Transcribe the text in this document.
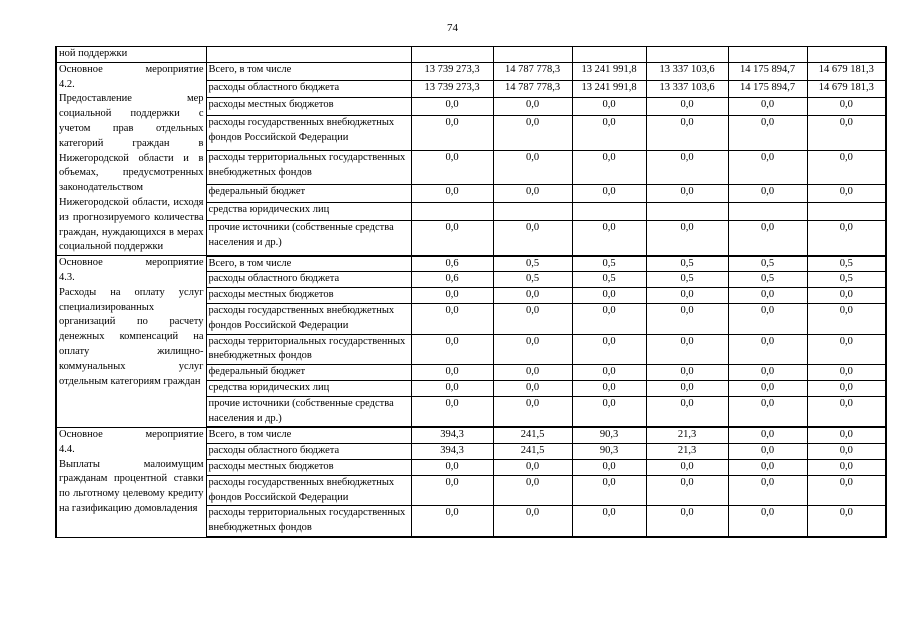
74
ной поддержки							

Основное мероприятие
4.2.
Предоставление мер социальной поддержки с учетом прав отдельных категорий граждан в Нижегородской области и в объемах, предусмотренных законодательством Нижегородской области, исходя из прогнозируемого количества граждан, нуждающихся в мерах социальной поддержки	Всего, в том числе	13 739 273,3	14 787 778,3	13 241 991,8	13 337 103,6	14 175 894,7	14 679 181,3
	расходы областного бюджета	13 739 273,3	14 787 778,3	13 241 991,8	13 337 103,6	14 175 894,7	14 679 181,3
	расходы местных бюджетов	0,0	0,0	0,0	0,0	0,0	0,0
	расходы государственных внебюджетных фондов Российской Федерации	0,0	0,0	0,0	0,0	0,0	0,0
	расходы территориальных государственных внебюджетных фондов	0,0	0,0	0,0	0,0	0,0	0,0
	федеральный бюджет	0,0	0,0	0,0	0,0	0,0	0,0
	средства юридических лиц						
	прочие источники (собственные средства населения и др.)	0,0	0,0	0,0	0,0	0,0	0,0

Основное мероприятие
4.3.
Расходы на оплату услуг специализированных организаций по расчету денежных компенсаций на оплату жилищно-коммунальных услуг отдельным категориям граждан	Всего, в том числе	0,6	0,5	0,5	0,5	0,5	0,5
	расходы областного бюджета	0,6	0,5	0,5	0,5	0,5	0,5
	расходы местных бюджетов	0,0	0,0	0,0	0,0	0,0	0,0
	расходы государственных внебюджетных фондов Российской Федерации	0,0	0,0	0,0	0,0	0,0	0,0
	расходы территориальных государственных внебюджетных фондов	0,0	0,0	0,0	0,0	0,0	0,0
	федеральный бюджет	0,0	0,0	0,0	0,0	0,0	0,0
	средства юридических лиц	0,0	0,0	0,0	0,0	0,0	0,0
	прочие источники (собственные средства населения и др.)	0,0	0,0	0,0	0,0	0,0	0,0

Основное мероприятие
4.4.
Выплаты малоимущим гражданам процентной ставки по льготному целевому кредиту на газификацию домовладения	Всего, в том числе	394,3	241,5	90,3	21,3	0,0	0,0
	расходы областного бюджета	394,3	241,5	90,3	21,3	0,0	0,0
	расходы местных бюджетов	0,0	0,0	0,0	0,0	0,0	0,0
	расходы государственных внебюджетных фондов Российской Федерации	0,0	0,0	0,0	0,0	0,0	0,0
	расходы территориальных государственных внебюджетных фондов	0,0	0,0	0,0	0,0	0,0	0,0
